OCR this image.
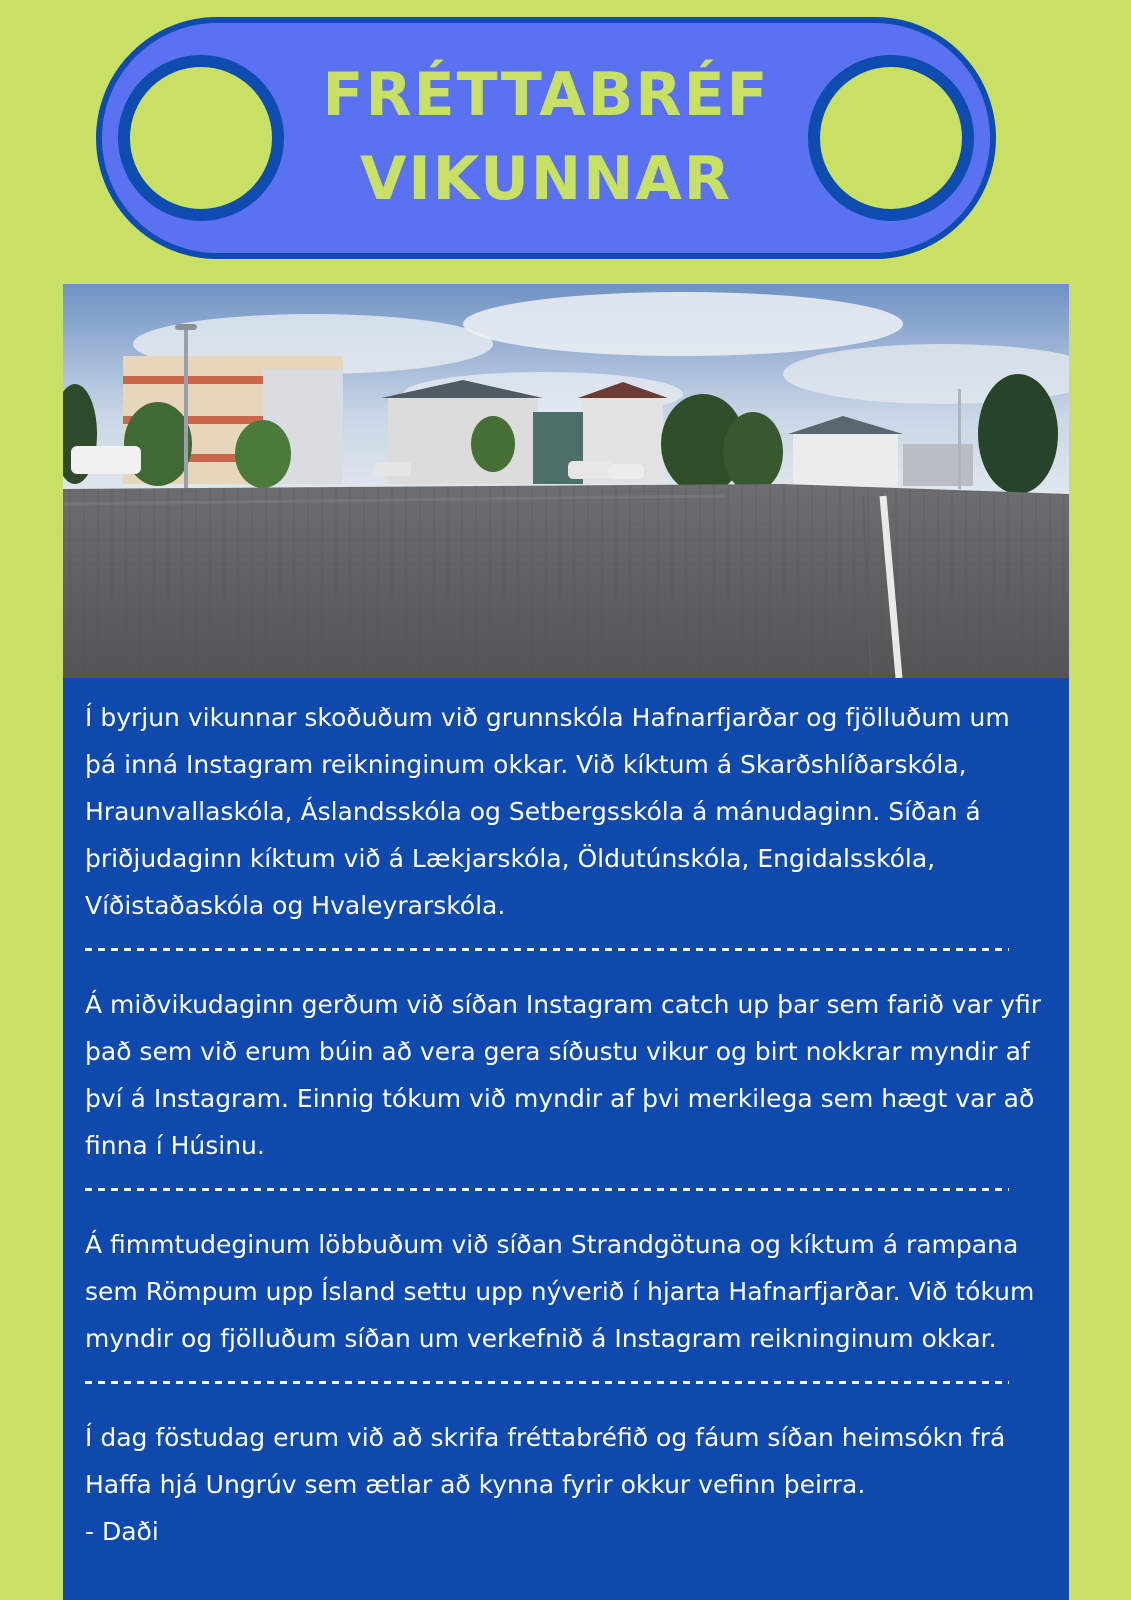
FRÉTTABRÉF
VIKUNNAR

Í byrjun vikunnar skoðuðum við grunnskóla Hafnarfjarðar og fjölluðum um þá inná Instagram reikninginum okkar. Við kíktum á Skarðshlíðarskóla, Hraunvallaskóla, Áslandsskóla og Setbergsskóla á mánudaginn. Síðan á þriðjudaginn kíktum við á Lækjarskóla, Öldutúnskóla, Engidalsskóla, Víðistaðaskóla og Hvaleyrarskóla.

Á miðvikudaginn gerðum við síðan Instagram catch up þar sem farið var yfir það sem við erum búin að vera gera síðustu vikur og birt nokkrar myndir af því á Instagram. Einnig tókum við myndir af þvi merkilega sem hægt var að finna í Húsinu.

Á fimmtudeginum löbbuðum við síðan Strandgötuna og kíktum á rampana sem Römpum upp Ísland settu upp nýverið í hjarta Hafnarfjarðar. Við tókum myndir og fjölluðum síðan um verkefnið á Instagram reikninginum okkar.

Í dag föstudag erum við að skrifa fréttabréfið og fáum síðan heimsókn frá Haffa hjá Ungrúv sem ætlar að kynna fyrir okkur vefinn þeirra.

- Daði
